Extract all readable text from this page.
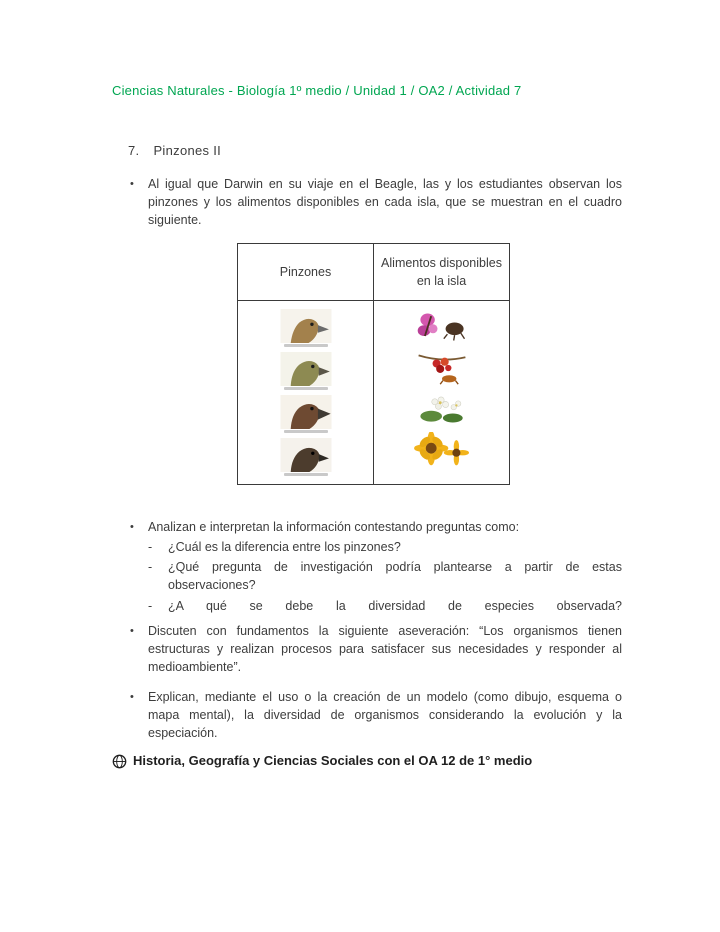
Ciencias Naturales - Biología 1º medio / Unidad 1 / OA2 / Actividad 7
7. Pinzones II
•	Al igual que Darwin en su viaje en el Beagle, las y los estudiantes observan los pinzones y los alimentos disponibles en cada isla, que se muestran en el cuadro siguiente.
Pinzones	Alimentos disponibles en la isla

•	Analizan e interpretan la información contestando preguntas como:
-	¿Cuál es la diferencia entre los pinzones?
-	¿Qué pregunta de investigación podría plantearse a partir de estas observaciones?
-	¿A qué se debe la diversidad de especies observada?
•	Discuten con fundamentos la siguiente aseveración: “Los organismos tienen estructuras y realizan procesos para satisfacer sus necesidades y responder al medioambiente”.
•	Explican, mediante el uso o la creación de un modelo (como dibujo, esquema o mapa mental), la diversidad de organismos considerando la evolución y la especiación.
Historia, Geografía y Ciencias Sociales con el OA 12 de 1° medio
